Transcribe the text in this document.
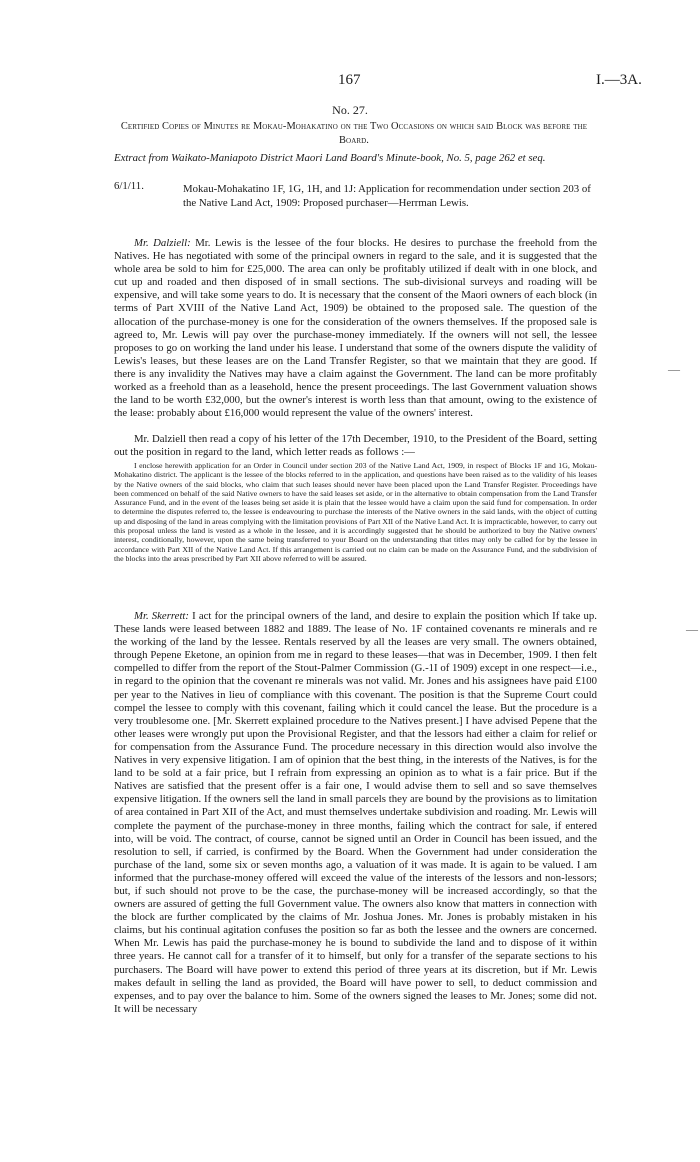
167	I.—3A.
No. 27.
Certified Copies of Minutes re Mokau-Mohakatino on the Two Occasions on which said Block was before the Board.
Extract from Waikato-Maniapoto District Maori Land Board's Minute-book, No. 5, page 262 et seq.
6/1/11.	Mokau-Mohakatino 1F, 1G, 1H, and 1J: Application for recommendation under section 203 of the Native Land Act, 1909: Proposed purchaser—Herrman Lewis.

Mr. Dalziell: Mr. Lewis is the lessee of the four blocks. He desires to purchase the freehold from the Natives. He has negotiated with some of the principal owners in regard to the sale, and it is suggested that the whole area be sold to him for £25,000. The area can only be profitably utilized if dealt with in one block, and cut up and roaded and then disposed of in small sections. The sub-divisional surveys and roading will be expensive, and will take some years to do. It is necessary that the consent of the Maori owners of each block (in terms of Part XVIII of the Native Land Act, 1909) be obtained to the proposed sale. The question of the allocation of the purchase-money is one for the consideration of the owners themselves. If the proposed sale is agreed to, Mr. Lewis will pay over the purchase-money immediately. If the owners will not sell, the lessee proposes to go on working the land under his lease. I understand that some of the owners dispute the validity of Lewis's leases, but these leases are on the Land Transfer Register, so that we maintain that they are good. If there is any invalidity the Natives may have a claim against the Government. The land can be more profitably worked as a freehold than as a leasehold, hence the present proceedings. The last Government valuation shows the land to be worth £32,000, but the owner's interest is worth less than that amount, owing to the existence of the lease: probably about £16,000 would represent the value of the owners' interest.

Mr. Dalziell then read a copy of his letter of the 17th December, 1910, to the President of the Board, setting out the position in regard to the land, which letter reads as follows :—

I enclose herewith application for an Order in Council under section 203 of the Native Land Act, 1909, in respect of Blocks 1F and 1G, Mokau-Mohakatino district. The applicant is the lessee of the blocks referred to in the application, and questions have been raised as to the validity of his leases by the Native owners of the said blocks, who claim that such leases should never have been placed upon the Land Transfer Register. Proceedings have been commenced on behalf of the said Native owners to have the said leases set aside, or in the alternative to obtain compensation from the Land Transfer Assurance Fund, and in the event of the leases being set aside it is plain that the lessee would have a claim upon the said fund for compensation. In order to determine the disputes referred to, the lessee is endeavouring to purchase the interests of the Native owners in the said lands, with the object of cutting up and disposing of the land in areas complying with the limitation provisions of Part XII of the Native Land Act. It is impracticable, however, to carry out this proposal unless the land is vested as a whole in the lessee, and it is accordingly suggested that he should be authorized to buy the Native owners' interest, conditionally, however, upon the same being transferred to your Board on the understanding that titles may only be called for by the lessee in accordance with Part XII of the Native Land Act. If this arrangement is carried out no claim can be made on the Assurance Fund, and the subdivision of the blocks into the areas prescribed by Part XII above referred to will be assured.

Mr. Skerrett: I act for the principal owners of the land, and desire to explain the position which If take up. These lands were leased between 1882 and 1889. The lease of No. 1F contained covenants re minerals and re the working of the land by the lessee. Rentals reserved by all the leases are very small. The owners obtained, through Pepene Eketone, an opinion from me in regard to these leases—that was in December, 1909. I then felt compelled to differ from the report of the Stout-Palmer Commission (G.-1I of 1909) except in one respect—i.e., in regard to the opinion that the covenant re minerals was not valid. Mr. Jones and his assignees have paid £100 per year to the Natives in lieu of compliance with this covenant. The position is that the Supreme Court could compel the lessee to comply with this covenant, failing which it could cancel the lease. But the procedure is a very troublesome one. [Mr. Skerrett explained procedure to the Natives present.] I have advised Pepene that the other leases were wrongly put upon the Provisional Register, and that the lessors had either a claim for relief or for compensation from the Assurance Fund. The procedure necessary in this direction would also involve the Natives in very expensive litigation. I am of opinion that the best thing, in the interests of the Natives, is for the land to be sold at a fair price, but I refrain from expressing an opinion as to what is a fair price. But if the Natives are satisfied that the present offer is a fair one, I would advise them to sell and so save themselves expensive litigation. If the owners sell the land in small parcels they are bound by the provisions as to limitation of area contained in Part XII of the Act, and must themselves undertake subdivision and roading. Mr. Lewis will complete the payment of the purchase-money in three months, failing which the contract for sale, if entered into, will be void. The contract, of course, cannot be signed until an Order in Council has been issued, and the resolution to sell, if carried, is confirmed by the Board. When the Government had under consideration the purchase of the land, some six or seven months ago, a valuation of it was made. It is again to be valued. I am informed that the purchase-money offered will exceed the value of the interests of the lessors and non-lessors; but, if such should not prove to be the case, the purchase-money will be increased accordingly, so that the owners are assured of getting the full Government value. The owners also know that matters in connection with the block are further complicated by the claims of Mr. Joshua Jones. Mr. Jones is probably mistaken in his claims, but his continual agitation confuses the position so far as both the lessee and the owners are concerned. When Mr. Lewis has paid the purchase-money he is bound to subdivide the land and to dispose of it within three years. He cannot call for a transfer of it to himself, but only for a transfer of the separate sections to his purchasers. The Board will have power to extend this period of three years at its discretion, but if Mr. Lewis makes default in selling the land as provided, the Board will have power to sell, to deduct commission and expenses, and to pay over the balance to him. Some of the owners signed the leases to Mr. Jones; some did not. It will be necessary

—
—
